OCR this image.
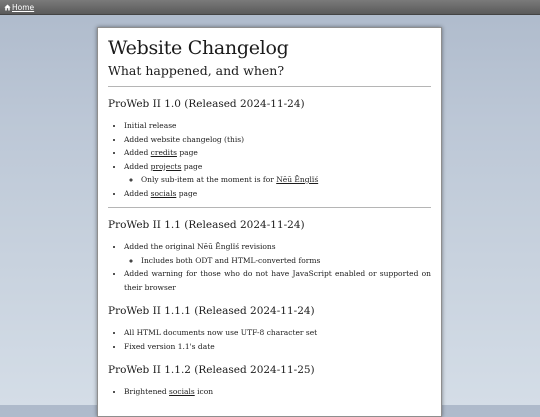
Home
Website Changelog
What happened, and when?
ProWeb II 1.0 (Released 2024-11-24)
• Initial release
• Added website changelog (this)
• Added credits page
• Added projects page
◦ Only sub-item at the moment is for Nēū Ēnglïś
• Added socials page
ProWeb II 1.1 (Released 2024-11-24)
• Added the original Nēū Ēnglïś revisions
◦ Includes both ODT and HTML-converted forms
• Added warning for those who do not have JavaScript enabled or supported on their browser
ProWeb II 1.1.1 (Released 2024-11-24)
• All HTML documents now use UTF-8 character set
• Fixed version 1.1's date
ProWeb II 1.1.2 (Released 2024-11-25)
• Brightened socials icon
